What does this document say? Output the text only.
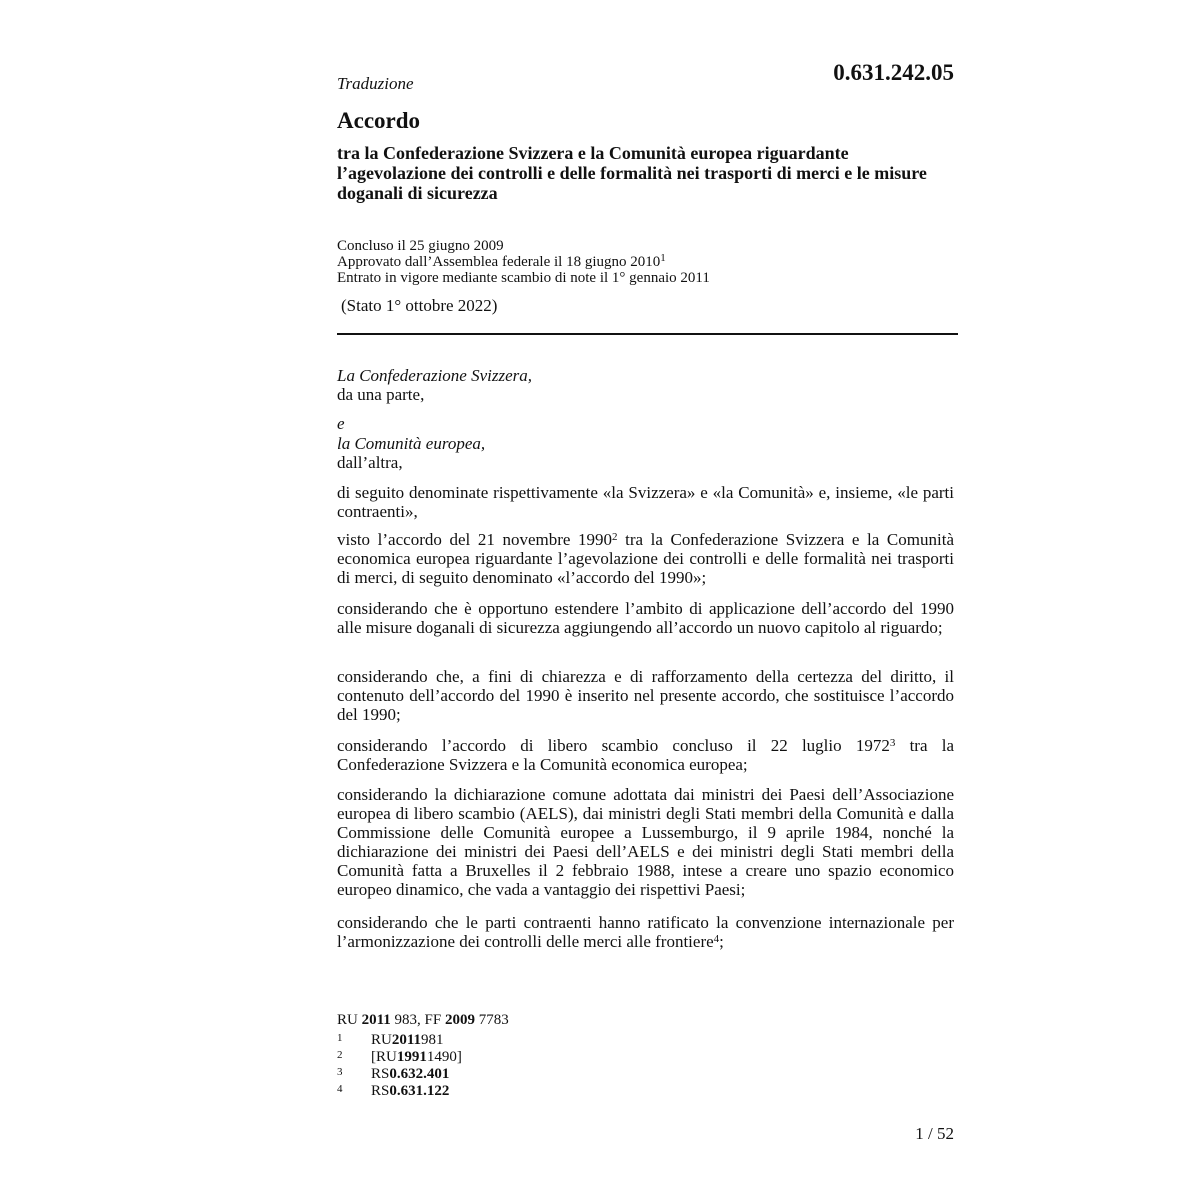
Traduzione	0.631.242.05
Accordo
tra la Confederazione Svizzera e la Comunità europea riguardante l’agevolazione dei controlli e delle formalità nei trasporti di merci e le misure doganali di sicurezza
Concluso il 25 giugno 2009
Approvato dall’Assemblea federale il 18 giugno 2010$^1$
Entrato in vigore mediante scambio di note il 1° gennaio 2011
(Stato 1° ottobre 2022)
La Confederazione Svizzera,
da una parte,
e
la Comunità europea,
dall’altra,
di seguito denominate rispettivamente «la Svizzera» e «la Comunità» e, insieme, «le parti contraenti»,
visto l’accordo del 21 novembre 1990$^2$ tra la Confederazione Svizzera e la Comunità economica europea riguardante l’agevolazione dei controlli e delle formalità nei trasporti di merci, di seguito denominato «l’accordo del 1990»;
considerando che è opportuno estendere l’ambito di applicazione dell’accordo del 1990 alle misure doganali di sicurezza aggiungendo all’accordo un nuovo capitolo al riguardo;
considerando che, a fini di chiarezza e di rafforzamento della certezza del diritto, il contenuto dell’accordo del 1990 è inserito nel presente accordo, che sostituisce l’accordo del 1990;
considerando l’accordo di libero scambio concluso il 22 luglio 1972$^3$ tra la Confederazione Svizzera e la Comunità economica europea;
considerando la dichiarazione comune adottata dai ministri dei Paesi dell’Associazione europea di libero scambio (AELS), dai ministri degli Stati membri della Comunità e dalla Commissione delle Comunità europee a Lussemburgo, il 9 aprile 1984, nonché la dichiarazione dei ministri dei Paesi dell’AELS e dei ministri degli Stati membri della Comunità fatta a Bruxelles il 2 febbraio 1988, intese a creare uno spazio economico europeo dinamico, che vada a vantaggio dei rispettivi Paesi;
considerando che le parti contraenti hanno ratificato la convenzione internazionale per l’armonizzazione dei controlli delle merci alle frontiere$^4$;
RU 2011 983, FF 2009 7783
1	RU 2011 981
2	[RU 1991 1490]
3	RS 0.632.401
4	RS 0.631.122
1 / 52
